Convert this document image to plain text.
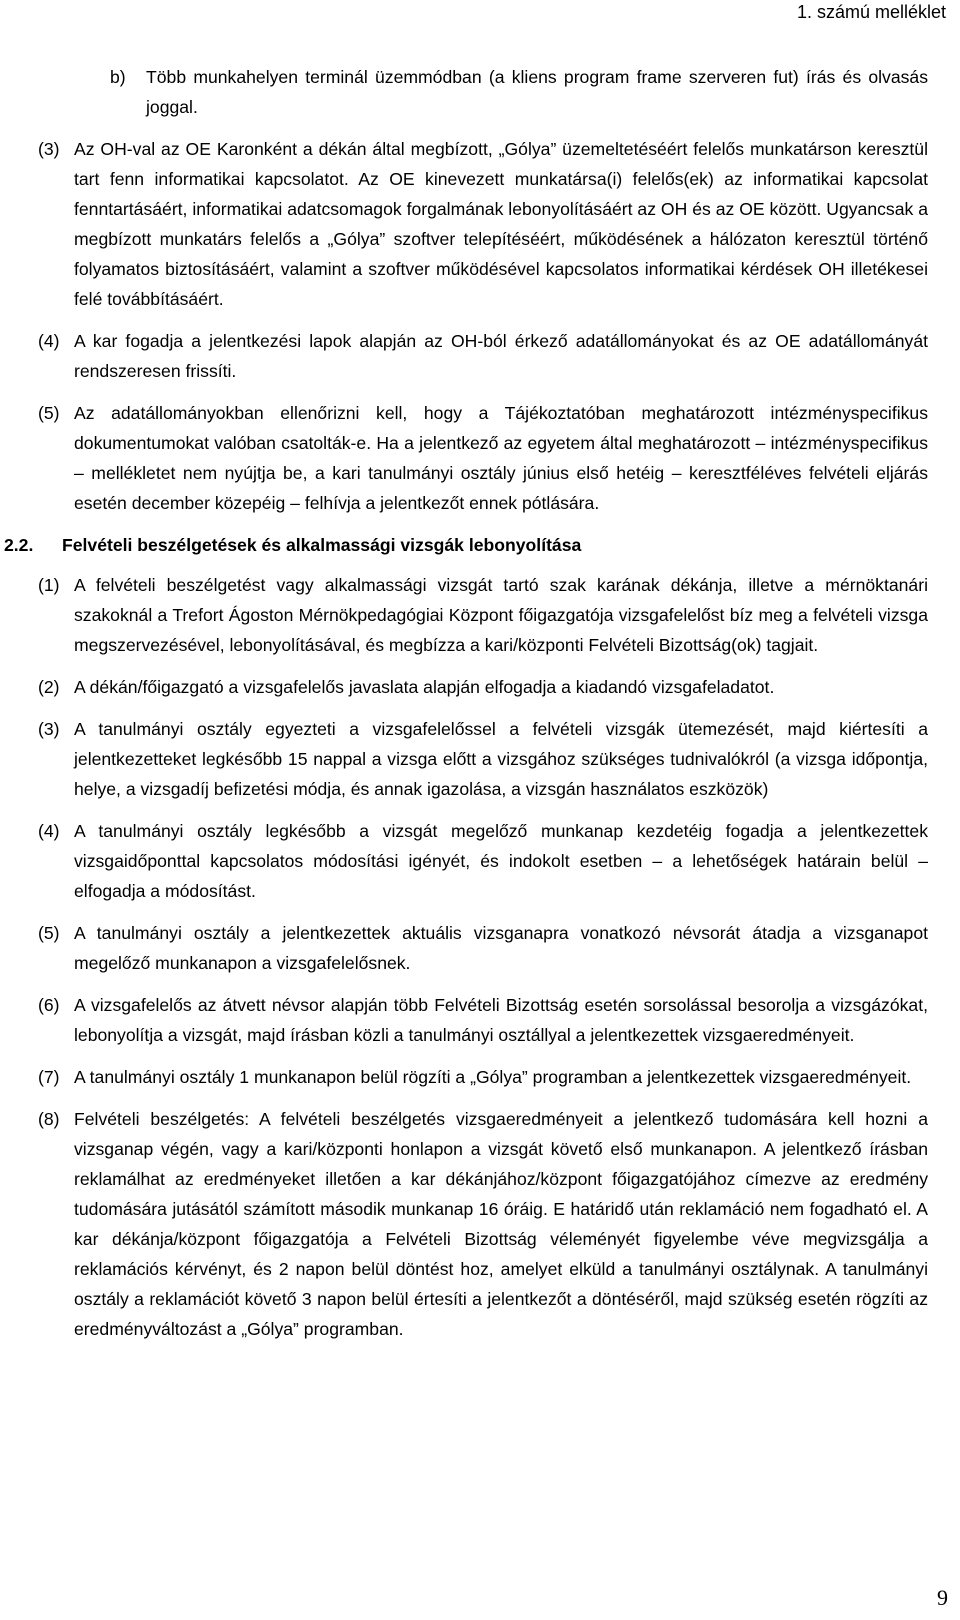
1. számú melléklet
b)	Több munkahelyen terminál üzemmódban (a kliens program frame szerveren fut) írás és olvasás joggal.
(3) Az OH-val az OE Karonként a dékán által megbízott, „Gólya” üzemeltetéséért felelős munkatárson keresztül tart fenn informatikai kapcsolatot. Az OE kinevezett munkatársa(i) felelős(ek) az informatikai kapcsolat fenntartásáért, informatikai adatcsomagok forgalmának lebonyolításáért az OH és az OE között. Ugyancsak a megbízott munkatárs felelős a „Gólya” szoftver telepítéséért, működésének a hálózaton keresztül történő folyamatos biztosításáért, valamint a szoftver működésével kapcsolatos informatikai kérdések OH illetékesei felé továbbításáért.
(4) A kar fogadja a jelentkezési lapok alapján az OH-ból érkező adatállományokat és az OE adatállományát rendszeresen frissíti.
(5) Az adatállományokban ellenőrizni kell, hogy a Tájékoztatóban meghatározott intézményspecifikus dokumentumokat valóban csatolták-e. Ha a jelentkező az egyetem által meghatározott – intézményspecifikus – mellékletet nem nyújtja be, a kari tanulmányi osztály június első hetéig – keresztféléves felvételi eljárás esetén december közepéig – felhívja a jelentkezőt ennek pótlására.
2.2.	Felvételi beszélgetések és alkalmassági vizsgák lebonyolítása
(1) A felvételi beszélgetést vagy alkalmassági vizsgát tartó szak karának dékánja, illetve a mérnöktanári szakoknál a Trefort Ágoston Mérnökpedagógiai Központ főigazgatója vizsgafelelőst bíz meg a felvételi vizsga megszervezésével, lebonyolításával, és megbízza a kari/központi Felvételi Bizottság(ok) tagjait.
(2) A dékán/főigazgató a vizsgafelelős javaslata alapján elfogadja a kiadandó vizsgafeladatot.
(3) A tanulmányi osztály egyezteti a vizsgafelelőssel a felvételi vizsgák ütemezését, majd kiértesíti a jelentkezetteket legkésőbb 15 nappal a vizsga előtt a vizsgához szükséges tudnivalókról (a vizsga időpontja, helye, a vizsgadíj befizetési módja, és annak igazolása, a vizsgán használatos eszközök)
(4) A tanulmányi osztály legkésőbb a vizsgát megelőző munkanap kezdetéig fogadja a jelentkezettek vizsgaidőponttal kapcsolatos módosítási igényét, és indokolt esetben – a lehetőségek határain belül – elfogadja a módosítást.
(5) A tanulmányi osztály a jelentkezettek aktuális vizsganapra vonatkozó névsorát átadja a vizsganapot megelőző munkanapon a vizsgafelelősnek.
(6) A vizsgafelelős az átvett névsor alapján több Felvételi Bizottság esetén sorsolással besorolja a vizsgázókat, lebonyolítja a vizsgát, majd írásban közli a tanulmányi osztállyal a jelentkezettek vizsgaeredményeit.
(7) A tanulmányi osztály 1 munkanapon belül rögzíti a „Gólya” programban a jelentkezettek vizsgaeredményeit.
(8) Felvételi beszélgetés: A felvételi beszélgetés vizsgaeredményeit a jelentkező tudomására kell hozni a vizsganap végén, vagy a kari/központi honlapon a vizsgát követő első munkanapon. A jelentkező írásban reklamálhat az eredményeket illetően a kar dékánjához/központ főigazgatójához címezve az eredmény tudomására jutásától számított második munkanap 16 óráig. E határidő után reklamáció nem fogadható el. A kar dékánja/központ főigazgatója a Felvételi Bizottság véleményét figyelembe véve megvizsgálja a reklamációs kérvényt, és 2 napon belül döntést hoz, amelyet elküld a tanulmányi osztálynak. A tanulmányi osztály a reklamációt követő 3 napon belül értesíti a jelentkezőt a döntéséről, majd szükség esetén rögzíti az eredményváltozást a „Gólya” programban.
9
